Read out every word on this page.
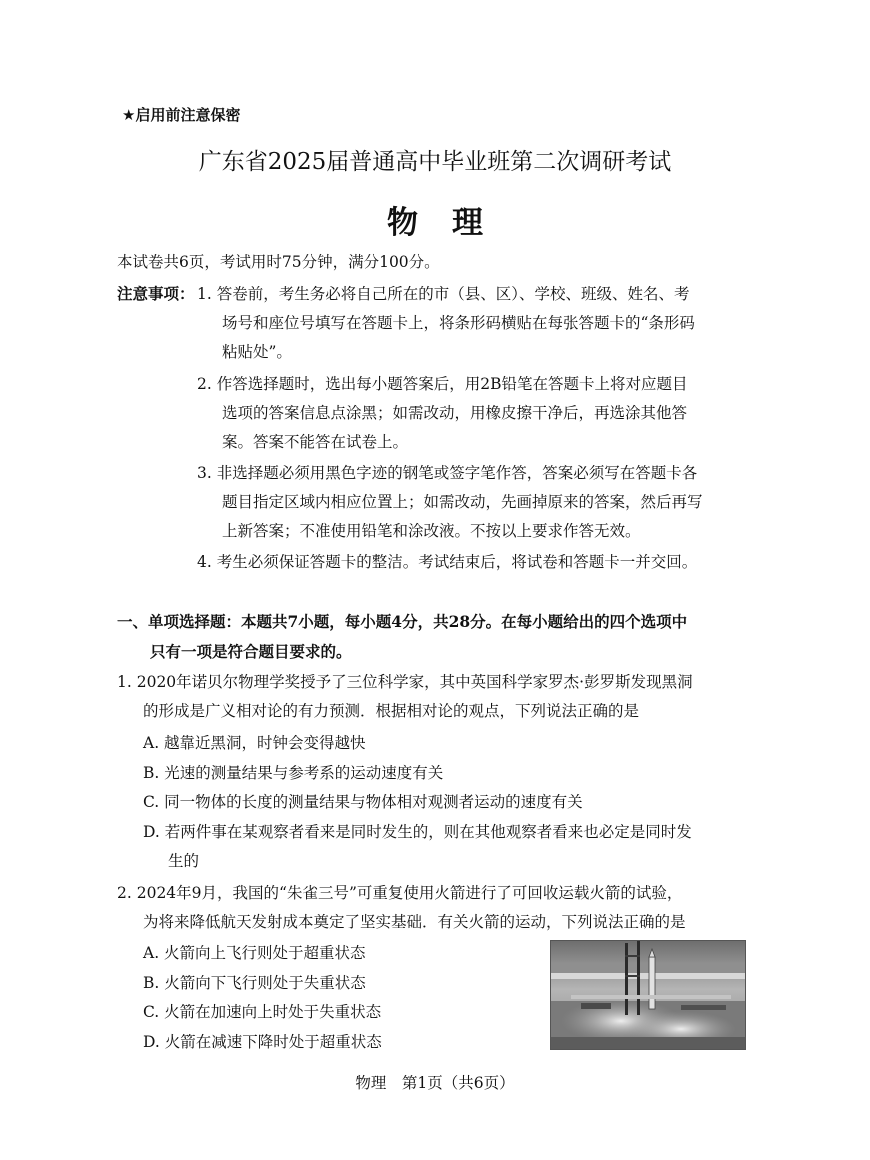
★启用前注意保密
广东省2025届普通高中毕业班第二次调研考试
物理
本试卷共6页，考试用时75分钟，满分100分。
注意事项： 1. 答卷前，考生务必将自己所在的市（县、区）、学校、班级、姓名、考
场号和座位号填写在答题卡上，将条形码横贴在每张答题卡的“条形码
粘贴处”。
2. 作答选择题时，选出每小题答案后，用2B铅笔在答题卡上将对应题目
选项的答案信息点涂黑；如需改动，用橡皮擦干净后，再选涂其他答
案。答案不能答在试卷上。
3. 非选择题必须用黑色字迹的钢笔或签字笔作答，答案必须写在答题卡各
题目指定区域内相应位置上；如需改动，先画掉原来的答案，然后再写
上新答案；不准使用铅笔和涂改液。不按以上要求作答无效。
4. 考生必须保证答题卡的整洁。考试结束后，将试卷和答题卡一并交回。
一、单项选择题：本题共7小题，每小题4分，共28分。在每小题给出的四个选项中
只有一项是符合题目要求的。
1. 2020年诺贝尔物理学奖授予了三位科学家，其中英国科学家罗杰·彭罗斯发现黑洞
的形成是广义相对论的有力预测．根据相对论的观点，下列说法正确的是
A. 越靠近黑洞，时钟会变得越快
B. 光速的测量结果与参考系的运动速度有关
C. 同一物体的长度的测量结果与物体相对观测者运动的速度有关
D. 若两件事在某观察者看来是同时发生的，则在其他观察者看来也必定是同时发
生的
2. 2024年9月，我国的“朱雀三号”可重复使用火箭进行了可回收运载火箭的试验，
为将来降低航天发射成本奠定了坚实基础．有关火箭的运动，下列说法正确的是
A. 火箭向上飞行则处于超重状态
B. 火箭向下飞行则处于失重状态
C. 火箭在加速向上时处于失重状态
D. 火箭在减速下降时处于超重状态
物理　第1页（共6页）
